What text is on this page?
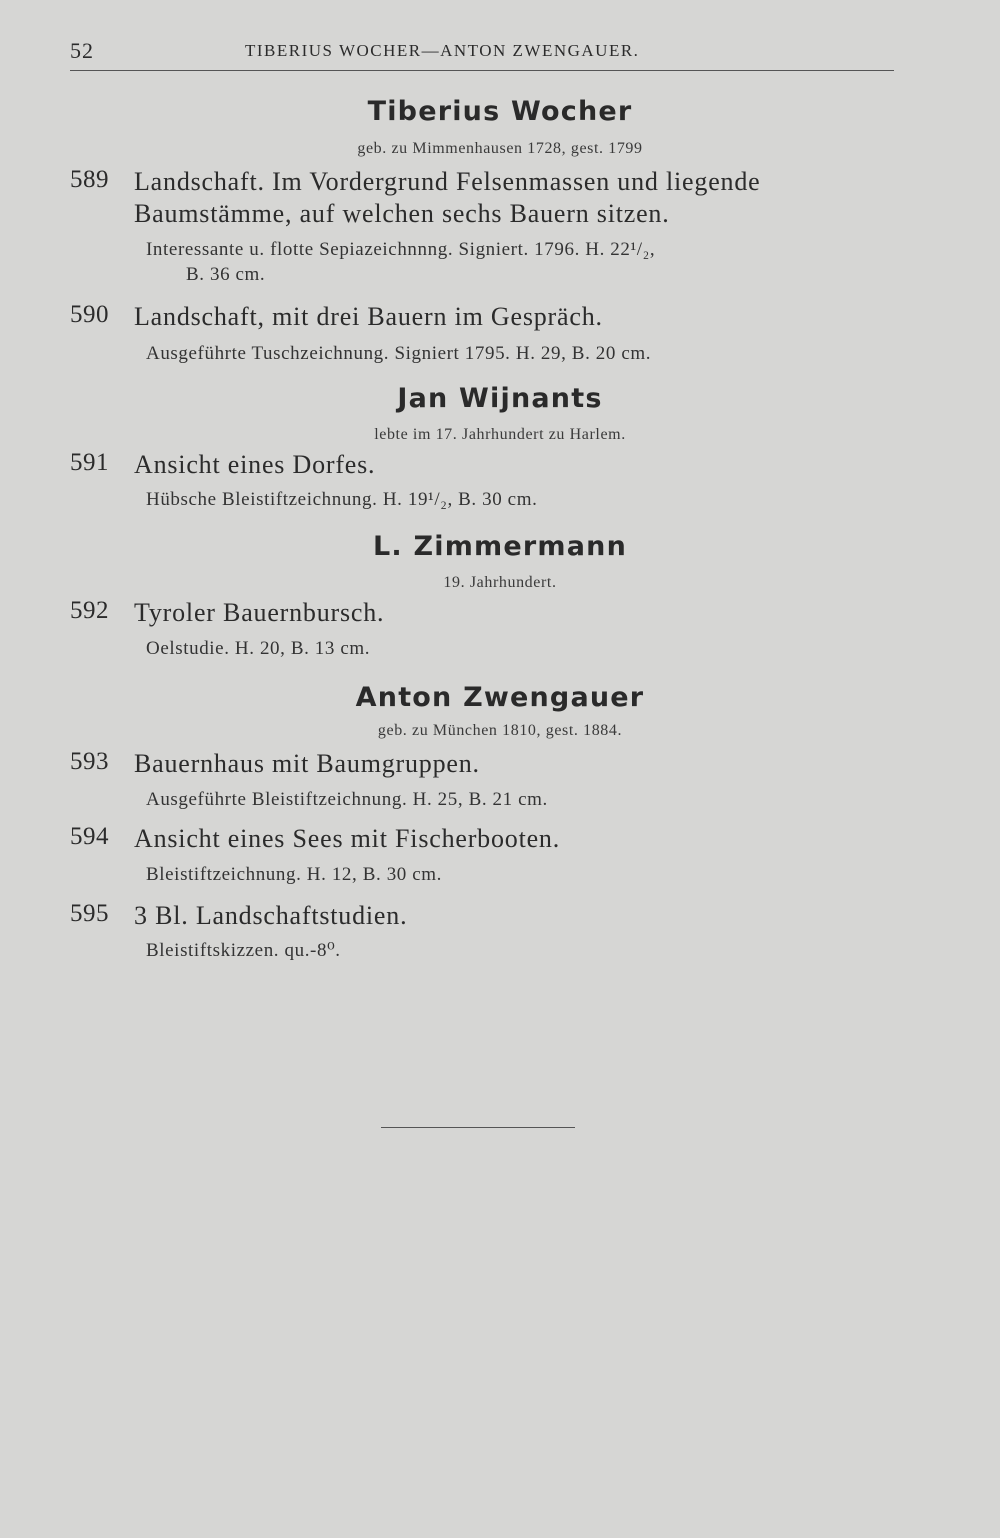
52	TIBERIUS WOCHER—ANTON ZWENGAUER.
Tiberius Wocher
geb. zu Mimmenhausen 1728, gest. 1799
589 Landschaft. Im Vordergrund Felsenmassen und liegende
Baumstämme, auf welchen sechs Bauern sitzen.
Interessante u. flotte Sepiazeichnnng. Signiert. 1796. H. 22¹/₂,
B. 36 cm.
590 Landschaft, mit drei Bauern im Gespräch.
Ausgeführte Tuschzeichnung. Signiert 1795. H. 29, B. 20 cm.
Jan Wijnants
lebte im 17. Jahrhundert zu Harlem.
591 Ansicht eines Dorfes.
Hübsche Bleistiftzeichnung. H. 19¹/₂, B. 30 cm.
L. Zimmermann
19. Jahrhundert.
592 Tyroler Bauernbursch.
Oelstudie. H. 20, B. 13 cm.
Anton Zwengauer
geb. zu München 1810, gest. 1884.
593 Bauernhaus mit Baumgruppen.
Ausgeführte Bleistiftzeichnung. H. 25, B. 21 cm.
594 Ansicht eines Sees mit Fischerbooten.
Bleistiftzeichnung. H. 12, B. 30 cm.
595 3 Bl. Landschaftstudien.
Bleistiftskizzen. qu.-8⁰.
